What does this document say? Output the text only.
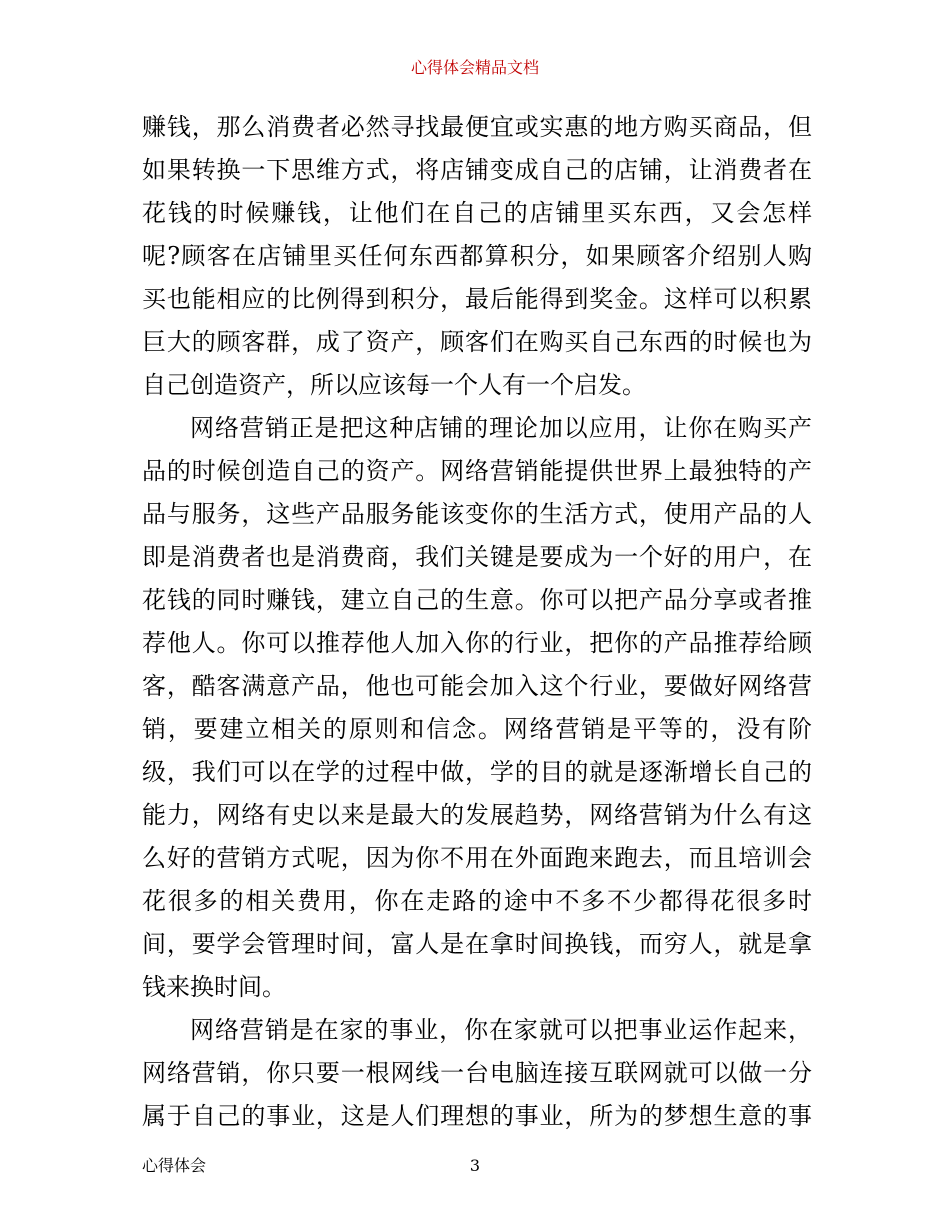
心得体会精品文档
赚钱，那么消费者必然寻找最便宜或实惠的地方购买商品，但
如果转换一下思维方式，将店铺变成自己的店铺，让消费者在
花钱的时候赚钱，让他们在自己的店铺里买东西，又会怎样
呢?顾客在店铺里买任何东西都算积分，如果顾客介绍别人购
买也能相应的比例得到积分，最后能得到奖金。这样可以积累
巨大的顾客群，成了资产，顾客们在购买自己东西的时候也为
自己创造资产，所以应该每一个人有一个启发。
网络营销正是把这种店铺的理论加以应用，让你在购买产
品的时候创造自己的资产。网络营销能提供世界上最独特的产
品与服务，这些产品服务能该变你的生活方式，使用产品的人
即是消费者也是消费商，我们关键是要成为一个好的用户，在
花钱的同时赚钱，建立自己的生意。你可以把产品分享或者推
荐他人。你可以推荐他人加入你的行业，把你的产品推荐给顾
客，酷客满意产品，他也可能会加入这个行业，要做好网络营
销，要建立相关的原则和信念。网络营销是平等的，没有阶
级，我们可以在学的过程中做，学的目的就是逐渐增长自己的
能力，网络有史以来是最大的发展趋势，网络营销为什么有这
么好的营销方式呢，因为你不用在外面跑来跑去，而且培训会
花很多的相关费用，你在走路的途中不多不少都得花很多时
间，要学会管理时间，富人是在拿时间换钱，而穷人，就是拿
钱来换时间。
网络营销是在家的事业，你在家就可以把事业运作起来，
网络营销，你只要一根网线一台电脑连接互联网就可以做一分
属于自己的事业，这是人们理想的事业，所为的梦想生意的事
心得体会	3
